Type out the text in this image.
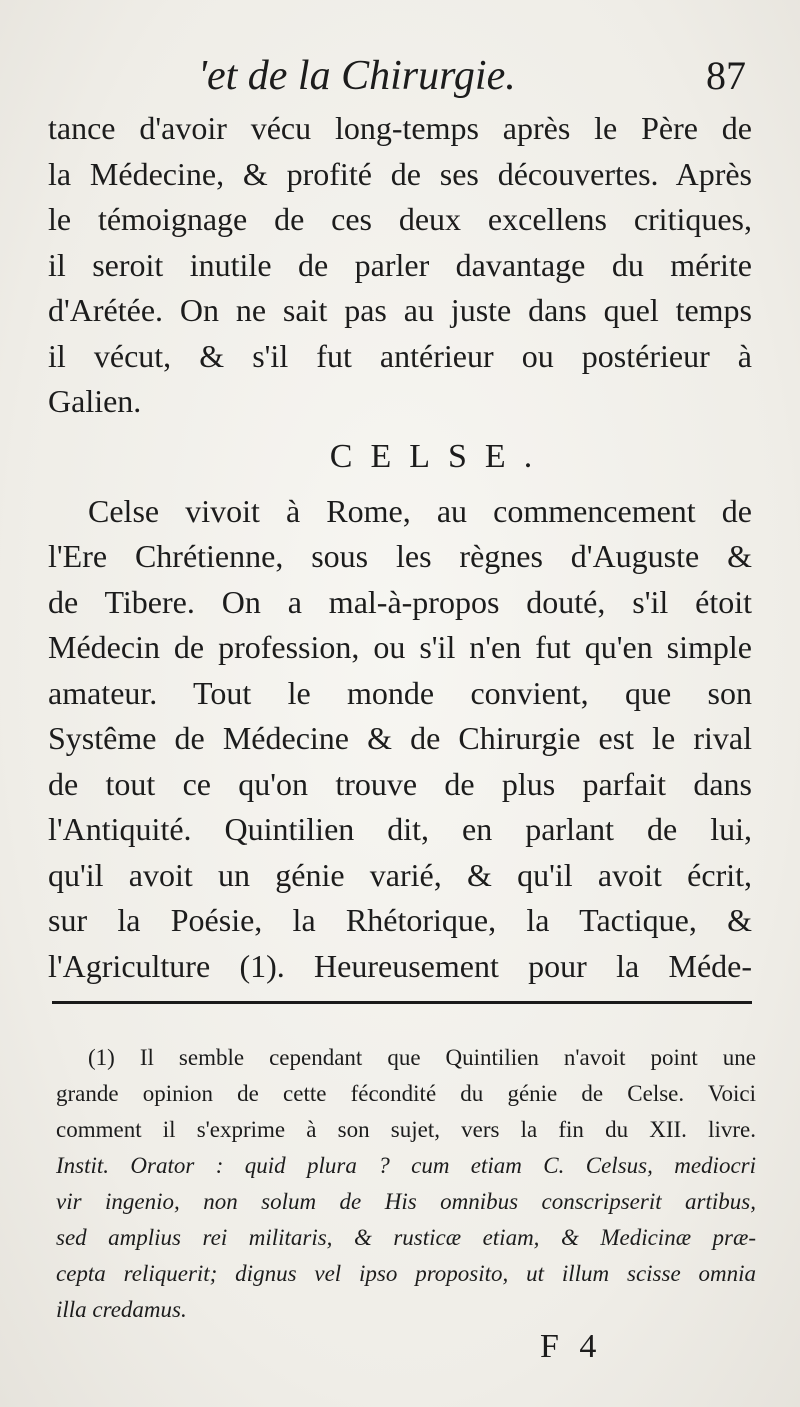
'et de la Chirurgie.	87
tance d'avoir vécu long-temps après le Père de
la Médecine, & profité de ses découvertes. Après
le témoignage de ces deux excellens critiques,
il seroit inutile de parler davantage du mérite
d'Arétée. On ne sait pas au juste dans quel temps
il vécut, & s'il fut antérieur ou postérieur à
Galien.
CELSE.
Celse vivoit à Rome, au commencement de
l'Ere Chrétienne, sous les règnes d'Auguste &
de Tibere. On a mal-à-propos douté, s'il étoit
Médecin de profession, ou s'il n'en fut qu'en simple
amateur. Tout le monde convient, que son
Systême de Médecine & de Chirurgie est le rival
de tout ce qu'on trouve de plus parfait dans
l'Antiquité. Quintilien dit, en parlant de lui,
qu'il avoit un génie varié, & qu'il avoit écrit,
sur la Poésie, la Rhétorique, la Tactique, &
l'Agriculture (1). Heureusement pour la Méde-
(1) Il semble cependant que Quintilien n'avoit point une
grande opinion de cette fécondité du génie de Celse. Voici
comment il s'exprime à son sujet, vers la fin du XII. livre.
Instit. Orator : quid plura ? cum etiam C. Celsus, mediocri
vir ingenio, non solum de His omnibus conscripserit artibus,
sed amplius rei militaris, & rusticæ etiam, & Medicinæ præ-
cepta reliquerit; dignus vel ipso proposito, ut illum scisse omnia
illa credamus.
F 4
